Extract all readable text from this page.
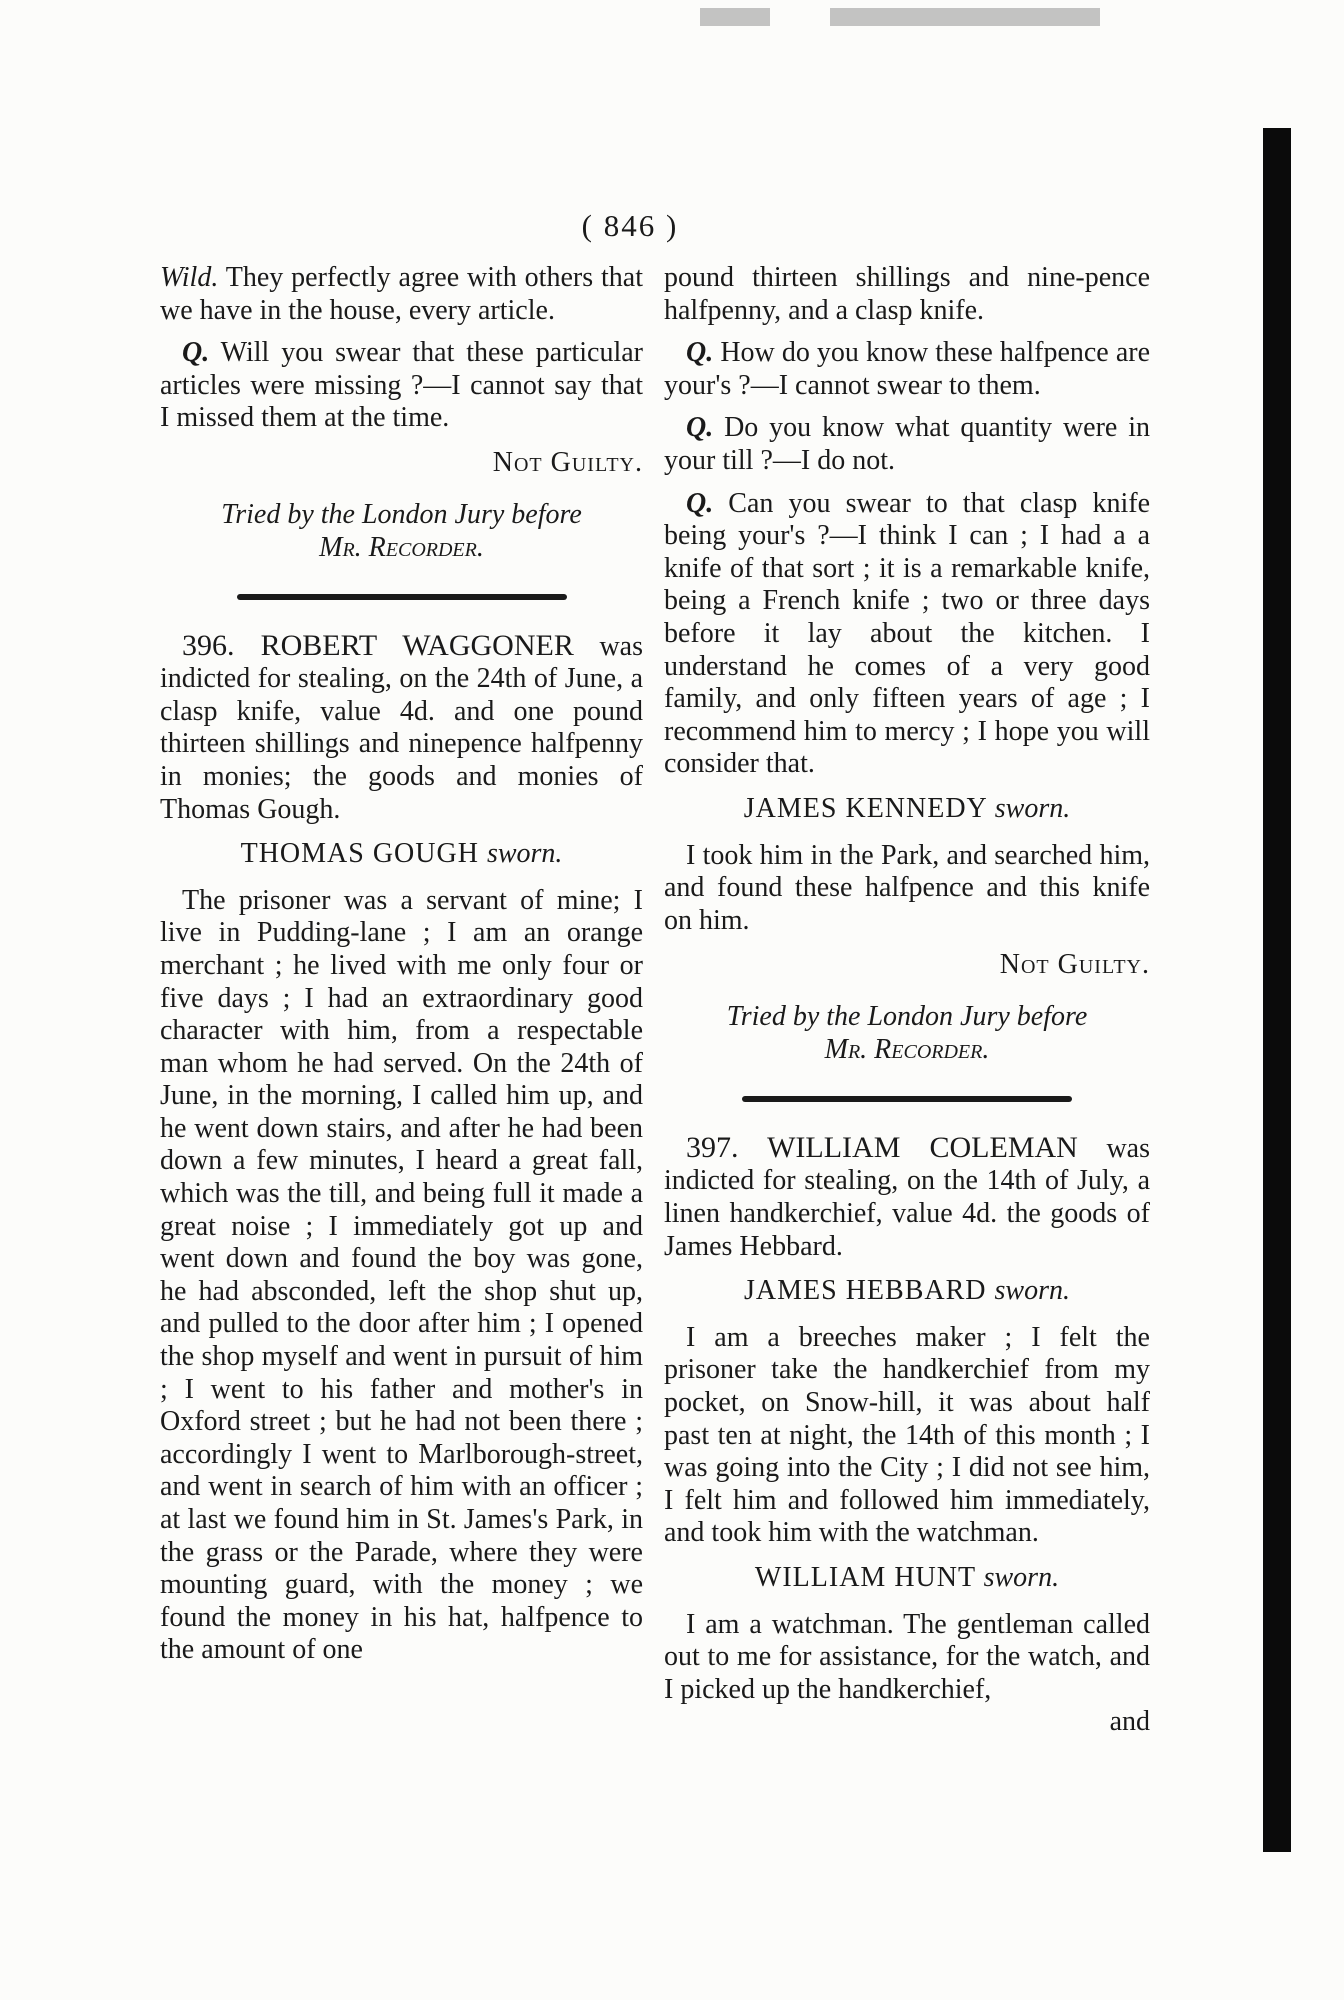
( 846 )

Wild. They perfectly agree with others that we have in the house, every article.

Q. Will you swear that these particular articles were missing ?—I cannot say that I missed them at the time.

Not Guilty.

Tried by the London Jury before
Mr. Recorder.

396. ROBERT WAGGONER was indicted for stealing, on the 24th of June, a clasp knife, value 4d. and one pound thirteen shillings and ninepence halfpenny in monies; the goods and monies of Thomas Gough.

THOMAS GOUGH sworn.

The prisoner was a servant of mine; I live in Pudding-lane ; I am an orange merchant ; he lived with me only four or five days ; I had an extraordinary good character with him, from a respectable man whom he had served. On the 24th of June, in the morning, I called him up, and he went down stairs, and after he had been down a few minutes, I heard a great fall, which was the till, and being full it made a great noise ; I immediately got up and went down and found the boy was gone, he had absconded, left the shop shut up, and pulled to the door after him ; I opened the shop myself and went in pursuit of him ; I went to his father and mother's in Oxford street ; but he had not been there ; accordingly I went to Marlborough-street, and went in search of him with an officer ; at last we found him in St. James's Park, in the grass or the Parade, where they were mounting guard, with the money ; we found the money in his hat, halfpence to the amount of one

pound thirteen shillings and nine-pence halfpenny, and a clasp knife.

Q. How do you know these halfpence are your's ?—I cannot swear to them.

Q. Do you know what quantity were in your till ?—I do not.

Q. Can you swear to that clasp knife being your's ?—I think I can ; I had a a knife of that sort ; it is a remarkable knife, being a French knife ; two or three days before it lay about the kitchen. I understand he comes of a very good family, and only fifteen years of age ; I recommend him to mercy ; I hope you will consider that.

JAMES KENNEDY sworn.

I took him in the Park, and searched him, and found these halfpence and this knife on him.

Not Guilty.

Tried by the London Jury before
Mr. Recorder.

397. WILLIAM COLEMAN was indicted for stealing, on the 14th of July, a linen handkerchief, value 4d. the goods of James Hebbard.

JAMES HEBBARD sworn.

I am a breeches maker ; I felt the prisoner take the handkerchief from my pocket, on Snow-hill, it was about half past ten at night, the 14th of this month ; I was going into the City ; I did not see him, I felt him and followed him immediately, and took him with the watchman.

WILLIAM HUNT sworn.

I am a watchman. The gentleman called out to me for assistance, for the watch, and I picked up the handkerchief,

and
